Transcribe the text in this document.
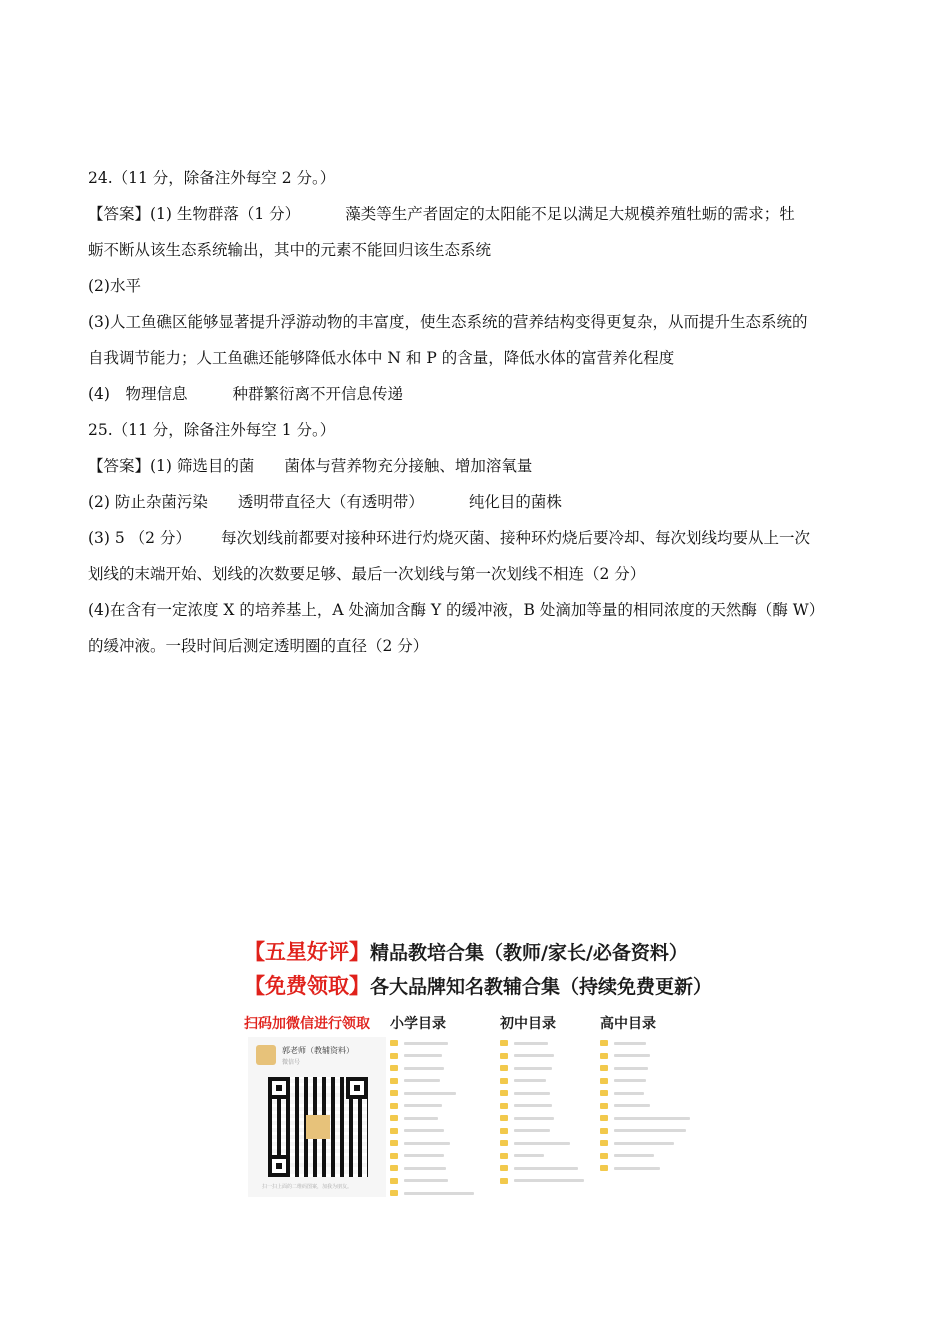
24.（11 分，除备注外每空 2 分。）
【答案】(1) 生物群落（1 分）	藻类等生产者固定的太阳能不足以满足大规模养殖牡蛎的需求；牡
蛎不断从该生态系统输出，其中的元素不能回归该生态系统
(2)水平
(3)人工鱼礁区能够显著提升浮游动物的丰富度，使生态系统的营养结构变得更复杂，从而提升生态系统的
自我调节能力；人工鱼礁还能够降低水体中 N 和 P 的含量，降低水体的富营养化程度
(4)　物理信息	种群繁衍离不开信息传递
25.（11 分，除备注外每空 1 分。）
【答案】(1) 筛选目的菌 菌体与营养物充分接触、增加溶氧量
(2) 防止杂菌污染 透明带直径大（有透明带）	纯化目的菌株
(3) 5 （2 分） 每次划线前都要对接种环进行灼烧灭菌、接种环灼烧后要冷却、每次划线均要从上一次
划线的末端开始、划线的次数要足够、最后一次划线与第一次划线不相连（2 分）
(4)在含有一定浓度 X 的培养基上，A 处滴加含酶 Y 的缓冲液，B 处滴加等量的相同浓度的天然酶（酶 W）
的缓冲液。一段时间后测定透明圈的直径（2 分）
【五星好评】精品教培合集（教师/家长/必备资料）
【免费领取】各大品牌知名教辅合集（持续免费更新）
扫码加微信进行领取
郭老师（教辅资料）
微信号
扫一扫上面的二维码图案，加我为朋友。
小学目录	初中目录	高中目录
